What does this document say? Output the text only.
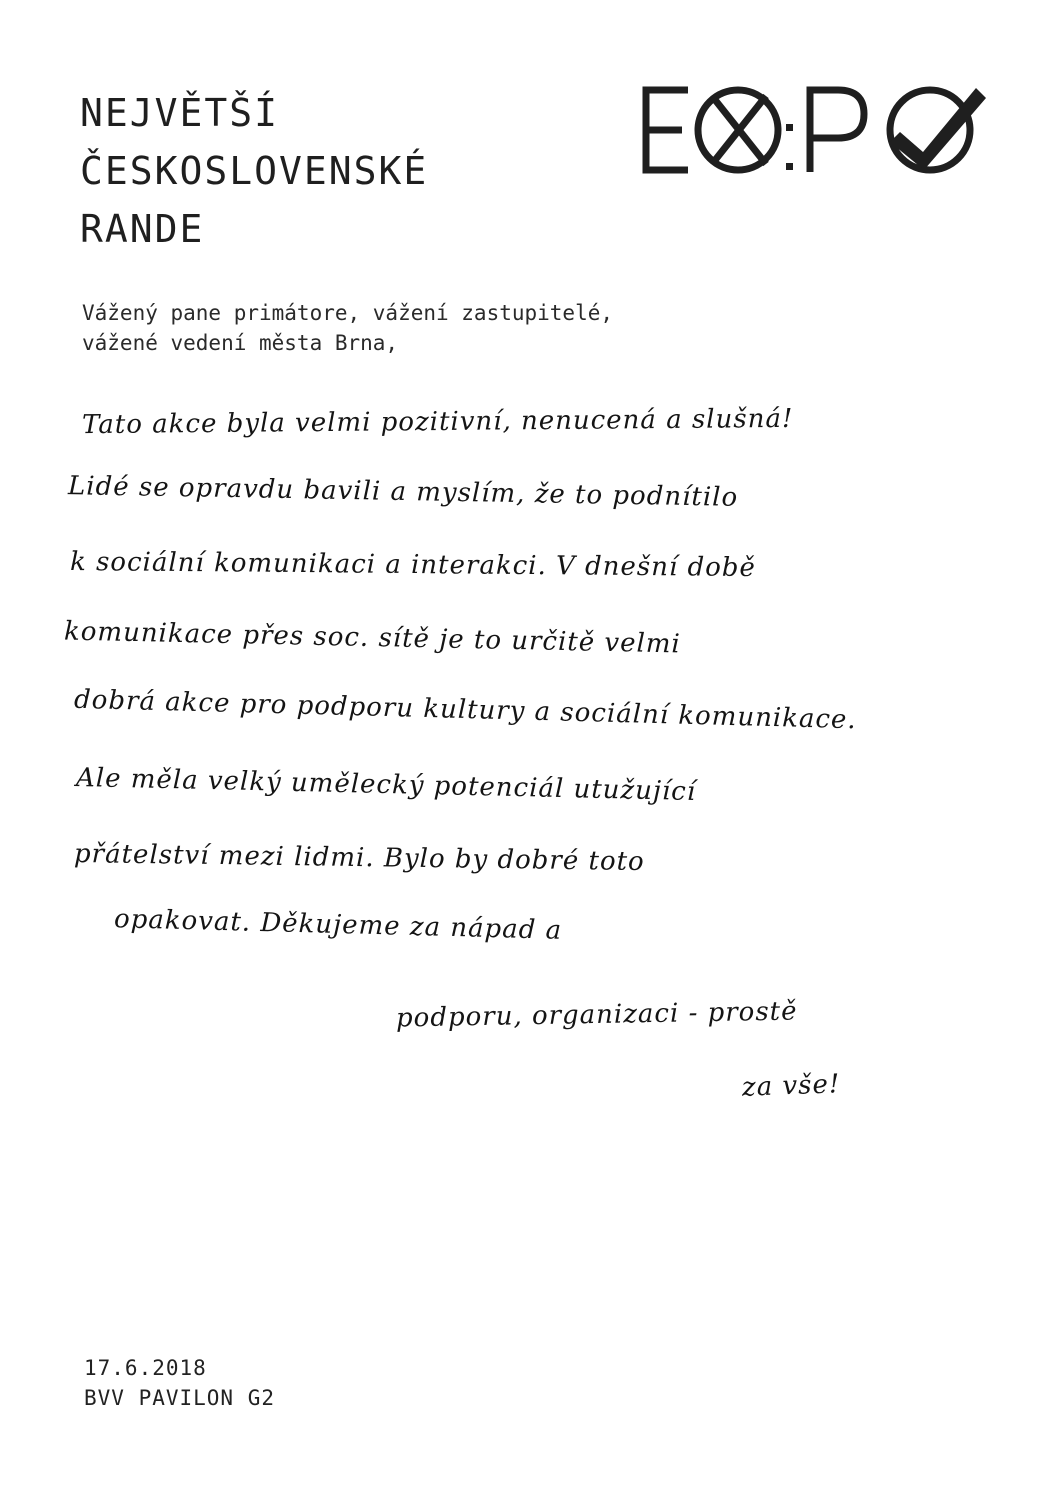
NEJVĚTŠÍ
ČESKOSLOVENSKÉ
RANDE
Vážený pane primátore, vážení zastupitelé,
vážené vedení města Brna,
Tato akce byla velmi pozitivní, nenucená a slušná!
Lidé se opravdu bavili a myslím, že to podnítilo
k sociální komunikaci a interakci. V dnešní době
komunikace přes soc. sítě je to určitě velmi
dobrá akce pro podporu kultury a sociální komunikace.
Ale měla velký umělecký potenciál utužující
přátelství mezi lidmi. Bylo by dobré toto
opakovat. Děkujeme za nápad a
podporu, organizaci - prostě
za vše!
17.6.2018
BVV PAVILON G2
